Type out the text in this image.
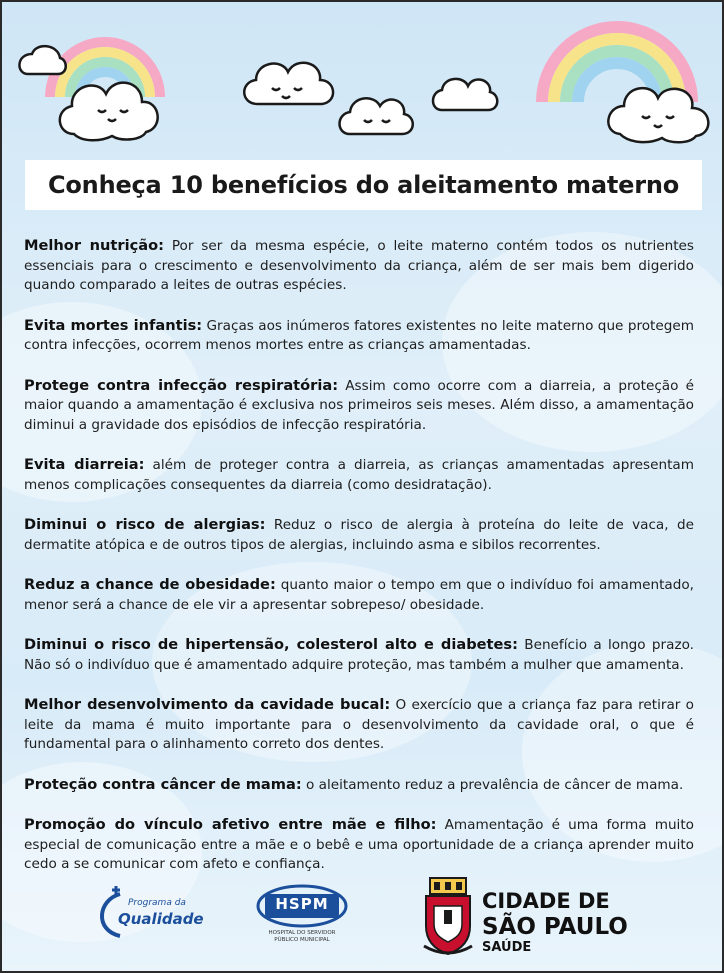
Conheça 10 benefícios do aleitamento materno

Melhor nutrição: Por ser da mesma espécie, o leite materno contém todos os nutrientes essenciais para o crescimento e desenvolvimento da criança, além de ser mais bem digerido quando comparado a leites de outras espécies.

Evita mortes infantis: Graças aos inúmeros fatores existentes no leite materno que protegem contra infecções, ocorrem menos mortes entre as crianças amamentadas.

Protege contra infecção respiratória: Assim como ocorre com a diarreia, a proteção é maior quando a amamentação é exclusiva nos primeiros seis meses. Além disso, a amamentação diminui a gravidade dos episódios de infecção respiratória.

Evita diarreia: além de proteger contra a diarreia, as crianças amamentadas apresentam menos complicações consequentes da diarreia (como desidratação).

Diminui o risco de alergias: Reduz o risco de alergia à proteína do leite de vaca, de dermatite atópica e de outros tipos de alergias, incluindo asma e sibilos recorrentes.

Reduz a chance de obesidade: quanto maior o tempo em que o indivíduo foi amamentado, menor será a chance de ele vir a apresentar sobrepeso/ obesidade.

Diminui o risco de hipertensão, colesterol alto e diabetes: Benefício a longo prazo. Não só o indivíduo que é amamentado adquire proteção, mas também a mulher que amamenta.

Melhor desenvolvimento da cavidade bucal: O exercício que a criança faz para retirar o leite da mama é muito importante para o desenvolvimento da cavidade oral, o que é fundamental para o alinhamento correto dos dentes.

Proteção contra câncer de mama: o aleitamento reduz a prevalência de câncer de mama.

Promoção do vínculo afetivo entre mãe e filho: Amamentação é uma forma muito especial de comunicação entre a mãe e o bebê e uma oportunidade de a criança aprender muito cedo a se comunicar com afeto e confiança.

Programa da
Qualidade
HSPM
HOSPITAL DO SERVIDOR
PÚBLICO MUNICIPAL
CIDADE DE
SÃO PAULO
SAÚDE
